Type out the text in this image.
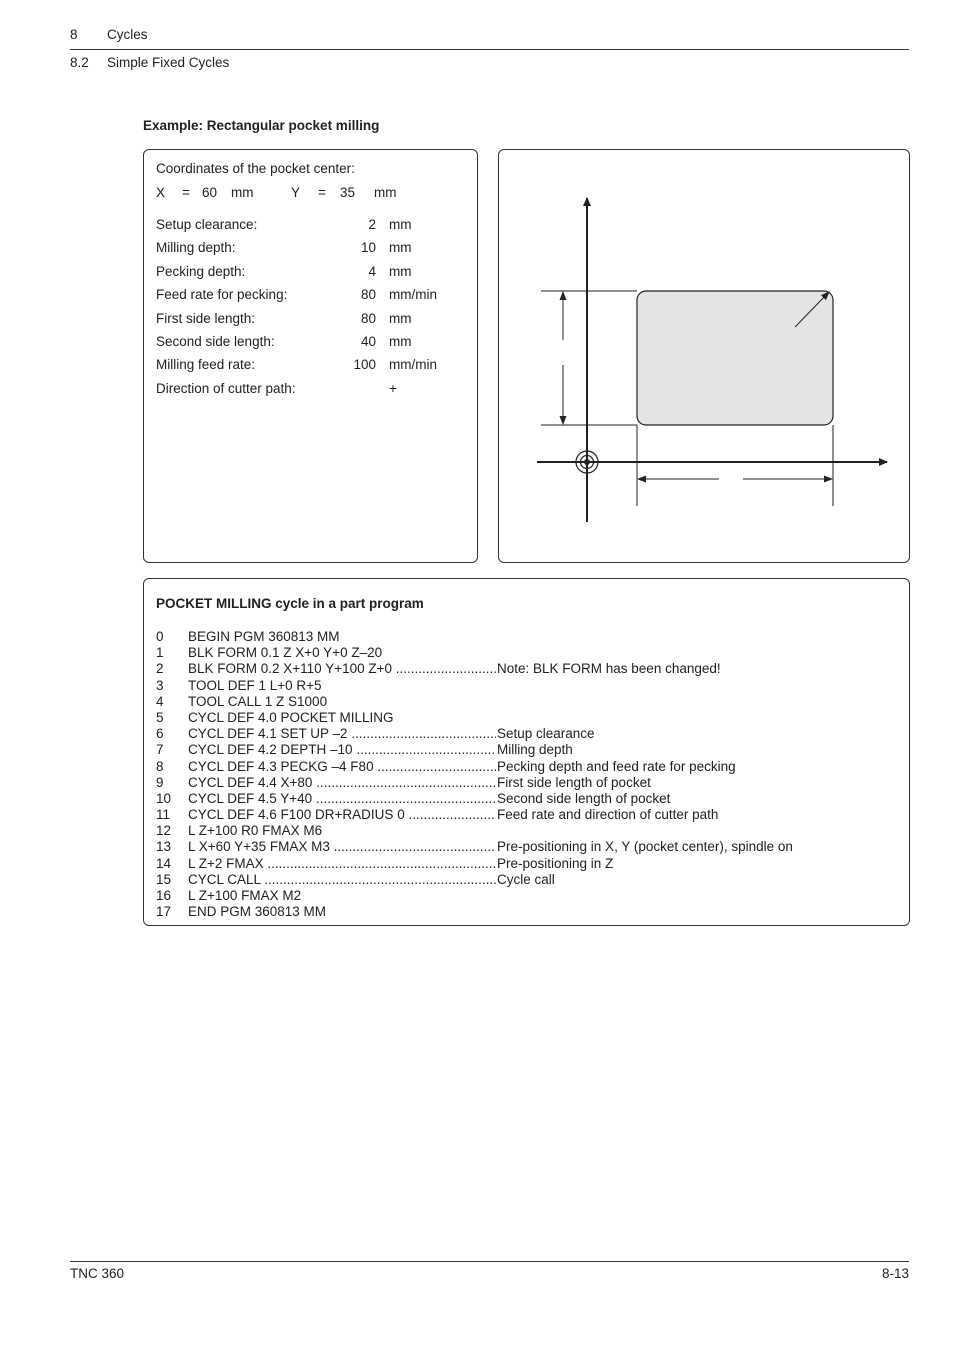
8 Cycles
8.2 Simple Fixed Cycles
Example: Rectangular pocket milling
Coordinates of the pocket center:
X = 60 mm	Y = 35 mm
Setup clearance:	2 mm
Milling depth:	10 mm
Pecking depth:	4 mm
Feed rate for pecking:	80 mm/min
First side length:	80 mm
Second side length:	40 mm
Milling feed rate:	100 mm/min
Direction of cutter path:	+
POCKET MILLING cycle in a part program
0	BEGIN PGM 360813 MM
1	BLK FORM 0.1 Z X+0 Y+0 Z–20
2	BLK FORM 0.2 X+110 Y+100 Z+0 .....	Note: BLK FORM has been changed!
3	TOOL DEF 1 L+0 R+5
4	TOOL CALL 1 Z S1000
5	CYCL DEF 4.0 POCKET MILLING
6	CYCL DEF 4.1 SET UP –2 .....	Setup clearance
7	CYCL DEF 4.2 DEPTH –10 .....	Milling depth
8	CYCL DEF 4.3 PECKG –4 F80 .....	Pecking depth and feed rate for pecking
9	CYCL DEF 4.4 X+80 .....	First side length of pocket
10	CYCL DEF 4.5 Y+40 .....	Second side length of pocket
11	CYCL DEF 4.6 F100 DR+RADIUS 0 .....	Feed rate and direction of cutter path
12	L Z+100 R0 FMAX M6
13	L X+60 Y+35 FMAX M3 .....	Pre-positioning in X, Y (pocket center), spindle on
14	L Z+2 FMAX .....	Pre-positioning in Z
15	CYCL CALL .....	Cycle call
16	L Z+100 FMAX M2
17	END PGM 360813 MM
TNC 360	8-13
